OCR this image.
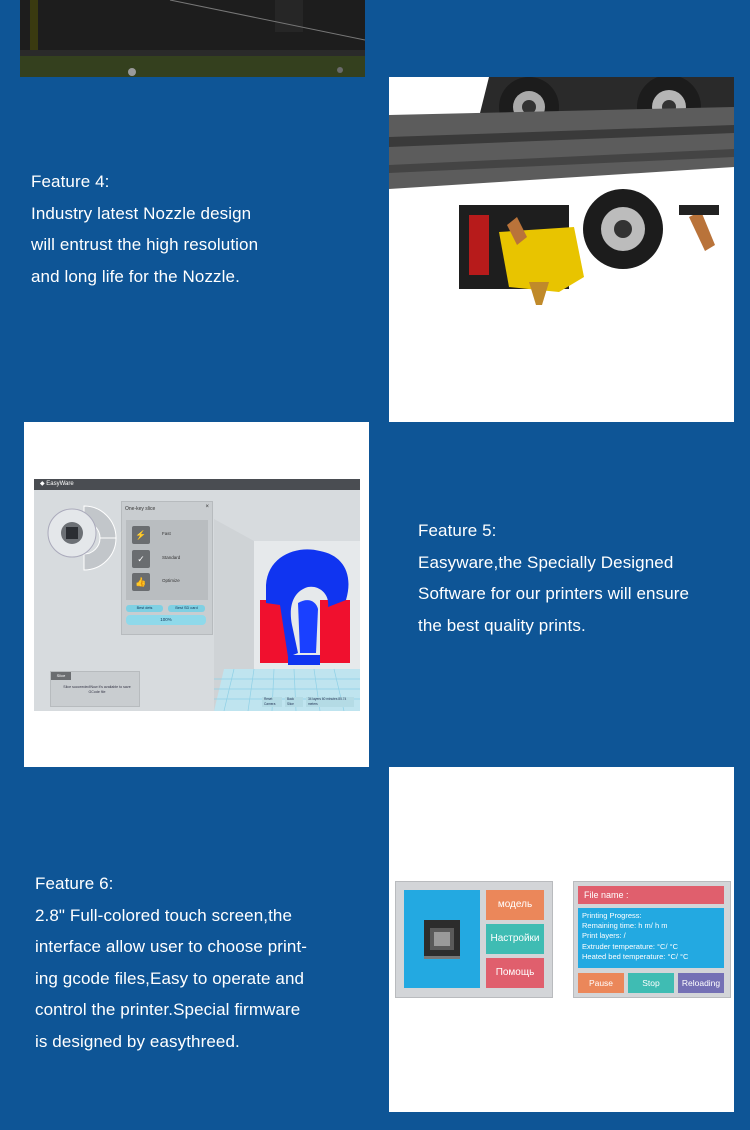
Feature 4:
Industry latest Nozzle design
will entrust the high resolution
and long life for the Nozzle.
◆ EasyWare
One-key slice	×
⚡	Fast
✓	Standard
👍	Optimize
Best dets	Best SD card
100%
Slice
Slice succeeded!Now it's available to save GCode file
Reset Camera
Back Slice
34 layers 60 minutes 85.74 meters
Feature 5:
Easyware,the Specially Designed
Software for our printers will ensure
the best quality prints.
Feature 6:
2.8" Full-colored touch screen,the
interface allow user to choose print-
ing gcode files,Easy to operate and
control the printer.Special firmware
is designed by easythreed.
модель
Настройки
Помощь
File name :
Printing Progress:
Remaining time: h m/ h m
Print layers: /
Extruder temperature: °C/ °C
Heated bed temperature: °C/ °C
Pause	Stop	Reloading
